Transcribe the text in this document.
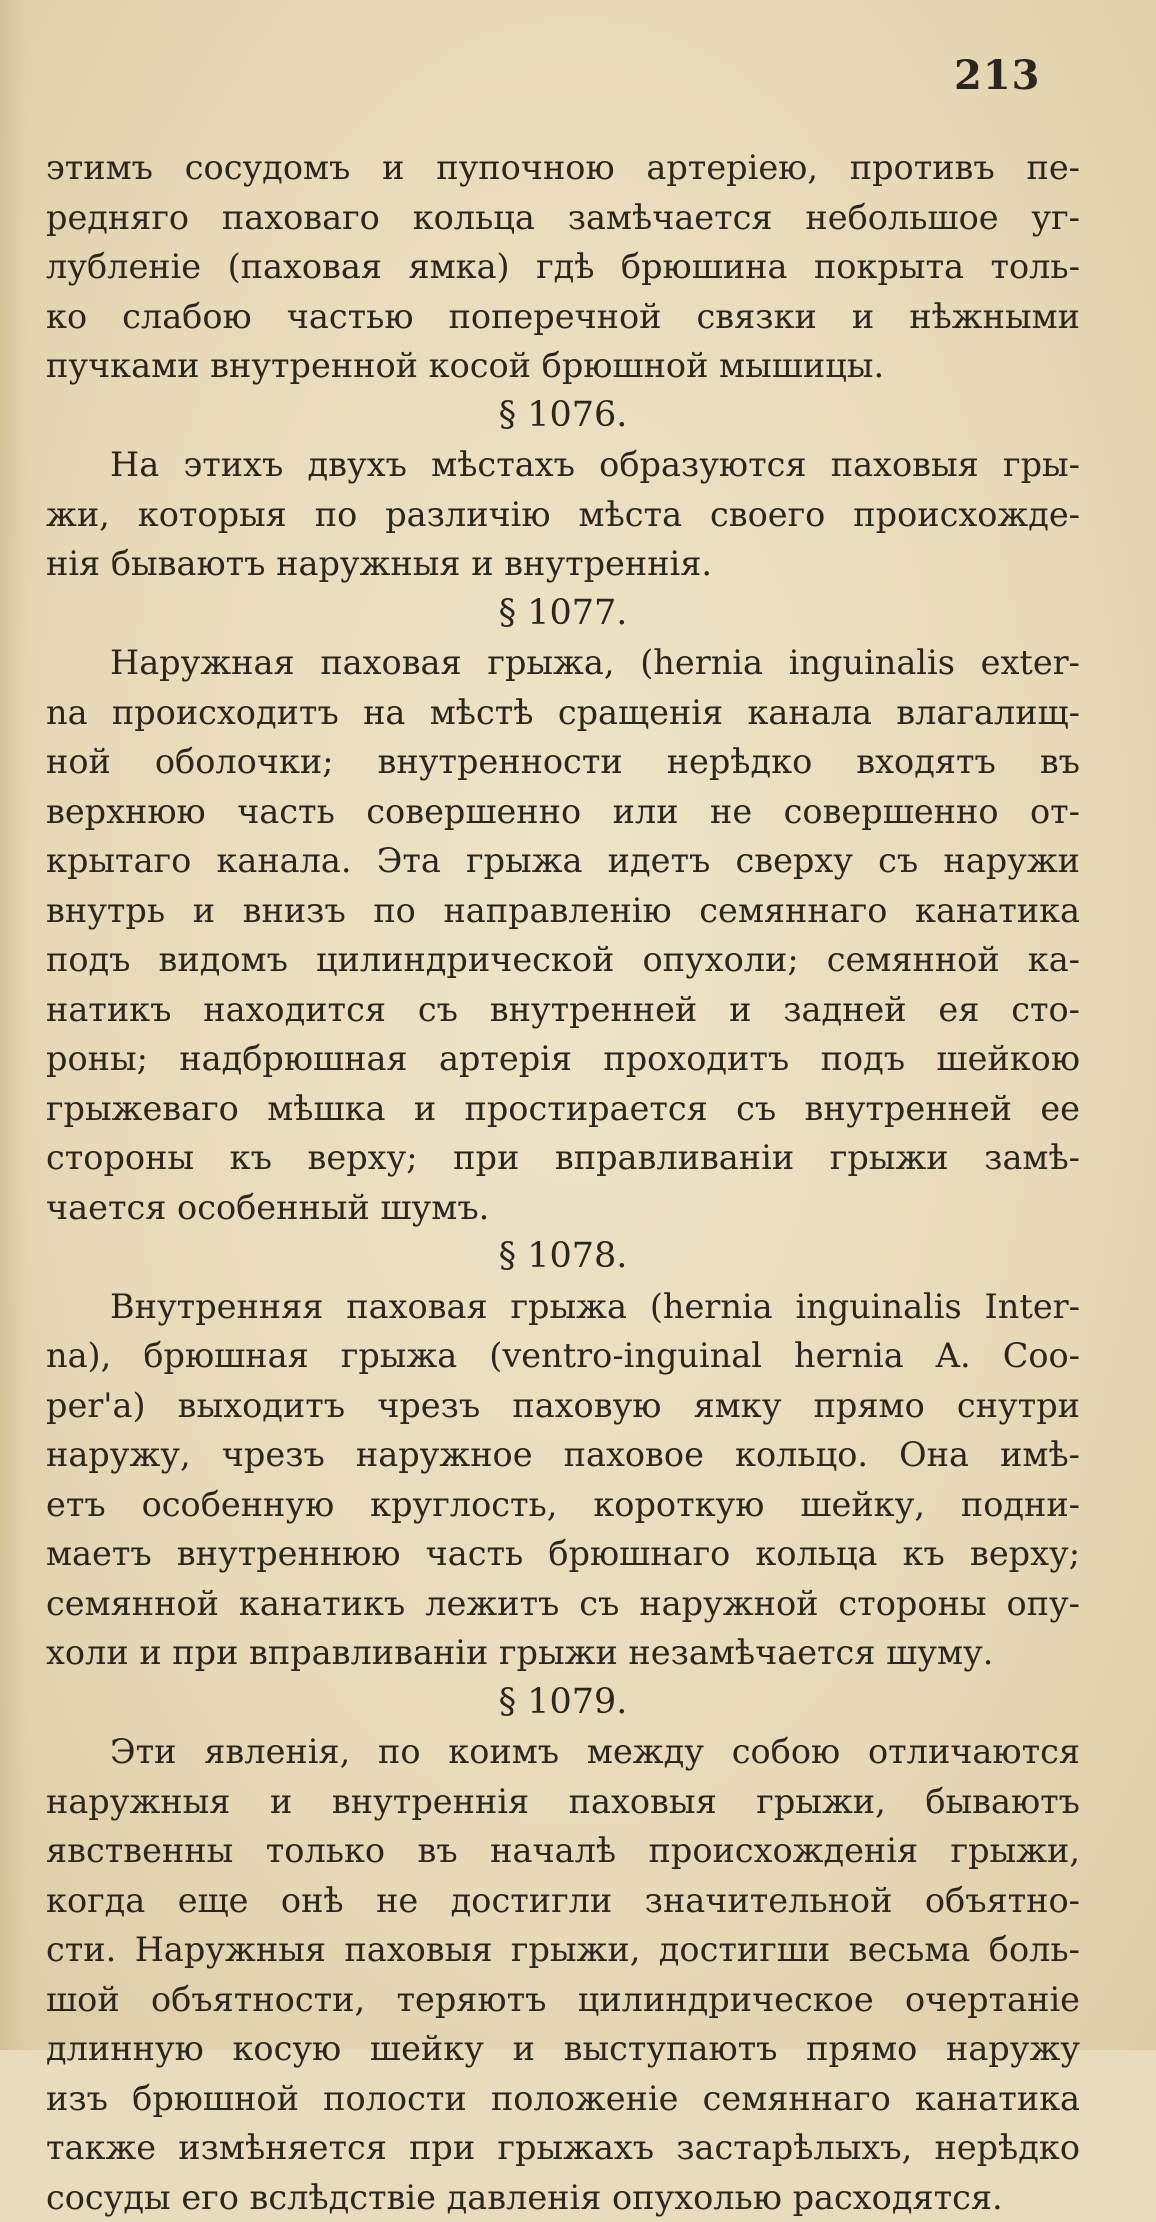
213
этимъ сосудомъ и пупочною артерiею, противъ пе-
редняго паховаго кольца замѣчается небольшое уг-
лубленiе (паховая ямка) гдѣ брюшина покрыта толь-
ко слабою частью поперечной связки и нѣжными
пучками внутренной косой брюшной мышицы.
§ 1076.
На этихъ двухъ мѣстахъ образуются паховыя гры-
жи, которыя по различiю мѣста своего происхожде-
нiя бываютъ наружныя и внутреннiя.
§ 1077.
Наружная паховая грыжа, (hernia inguinalis exter-
na происходитъ на мѣстѣ сращенiя канала влагалищ-
ной оболочки; внутренности нерѣдко входятъ въ
верхнюю часть совершенно или не совершенно от-
крытаго канала. Эта грыжа идетъ сверху съ наружи
внутрь и внизъ по направленiю семяннаго канатика
подъ видомъ цилиндрической опухоли; семянной ка-
натикъ находится съ внутренней и задней ея сто-
роны; надбрюшная артерiя проходитъ подъ шейкою
грыжеваго мѣшка и простирается съ внутренней ее
стороны къ верху; при вправливанiи грыжи замѣ-
чается особенный шумъ.
§ 1078.
Внутренняя паховая грыжа (hernia inguinalis Inter-
na), брюшная грыжа (ventro-inguinal hernia A. Coo-
per'а) выходитъ чрезъ паховую ямку прямо снутри
наружу, чрезъ наружное паховое кольцо. Она имѣ-
етъ особенную круглость, короткую шейку, подни-
маетъ внутреннюю часть брюшнаго кольца къ верху;
семянной канатикъ лежитъ съ наружной стороны опу-
холи и при вправливанiи грыжи незамѣчается шуму.
§ 1079.
Эти явленiя, по коимъ между собою отличаются
наружныя и внутреннiя паховыя грыжи, бываютъ
явственны только въ началѣ происхожденiя грыжи,
когда еще онѣ не достигли значительной объятно-
сти. Наружныя паховыя грыжи, достигши весьма боль-
шой объятности, теряютъ цилиндрическое очертанiе
длинную косую шейку и выступаютъ прямо наружу
изъ брюшной полости положенiе семяннаго канатика
также измѣняется при грыжахъ застарѣлыхъ, нерѣдко
сосуды его вслѣдствiе давленiя опухолью расходятся.
